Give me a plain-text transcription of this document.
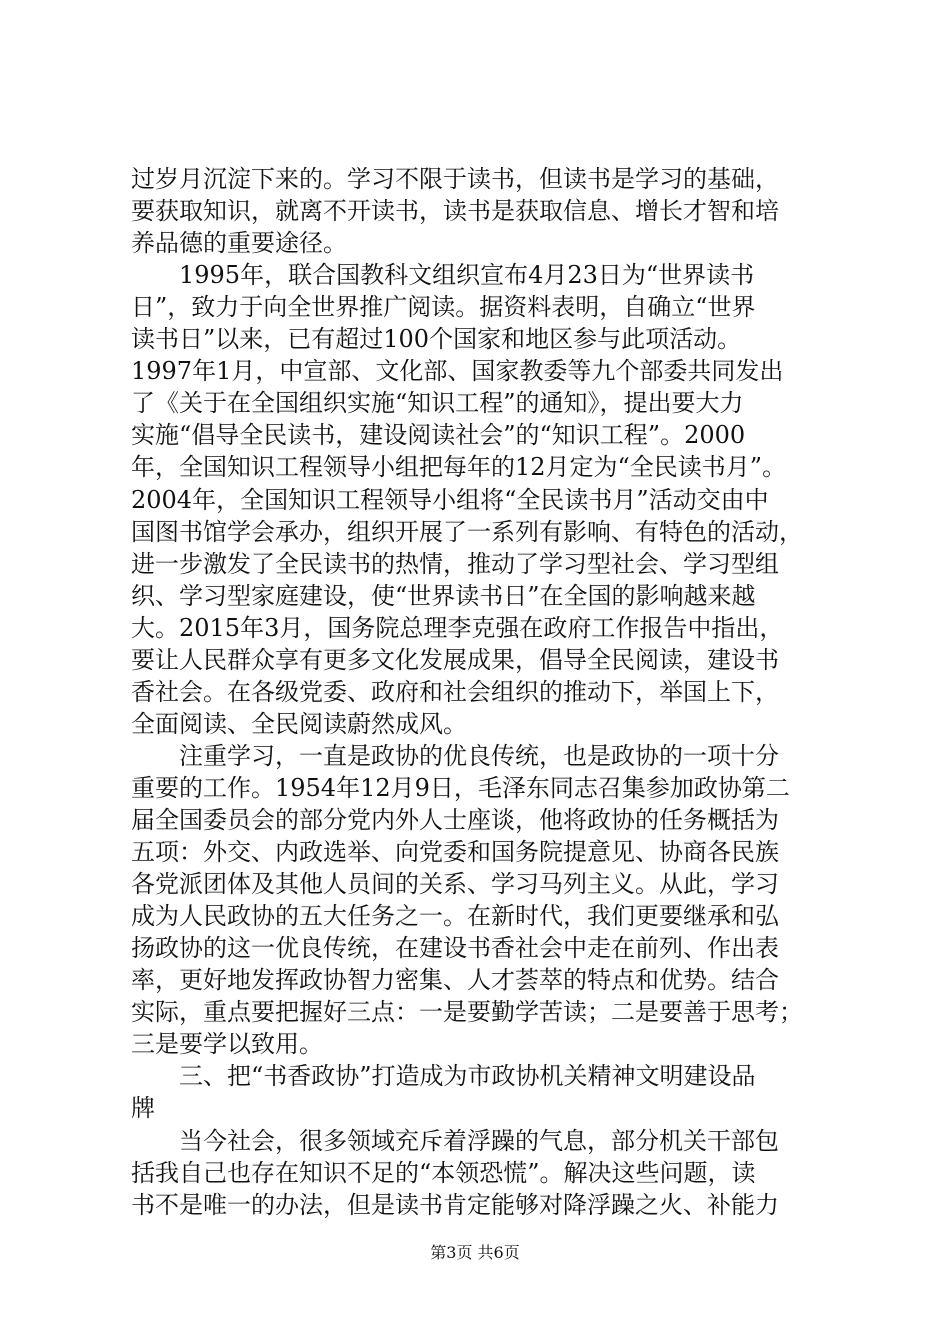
过岁月沉淀下来的。学习不限于读书，但读书是学习的基础，
要获取知识，就离不开读书，读书是获取信息、增长才智和培
养品德的重要途径。
　　1995年，联合国教科文组织宣布4月23日为“世界读书
日”，致力于向全世界推广阅读。据资料表明，自确立“世界
读书日”以来，已有超过100个国家和地区参与此项活动。
1997年1月，中宣部、文化部、国家教委等九个部委共同发出
了《关于在全国组织实施“知识工程”的通知》，提出要大力
实施“倡导全民读书，建设阅读社会”的“知识工程”。2000
年，全国知识工程领导小组把每年的12月定为“全民读书月”。
2004年，全国知识工程领导小组将“全民读书月”活动交由中
国图书馆学会承办，组织开展了一系列有影响、有特色的活动，
进一步激发了全民读书的热情，推动了学习型社会、学习型组
织、学习型家庭建设，使“世界读书日”在全国的影响越来越
大。2015年3月，国务院总理李克强在政府工作报告中指出，
要让人民群众享有更多文化发展成果，倡导全民阅读，建设书
香社会。在各级党委、政府和社会组织的推动下，举国上下，
全面阅读、全民阅读蔚然成风。
　　注重学习，一直是政协的优良传统，也是政协的一项十分
重要的工作。1954年12月9日，毛泽东同志召集参加政协第二
届全国委员会的部分党内外人士座谈，他将政协的任务概括为
五项：外交、内政选举、向党委和国务院提意见、协商各民族
各党派团体及其他人员间的关系、学习马列主义。从此，学习
成为人民政协的五大任务之一。在新时代，我们更要继承和弘
扬政协的这一优良传统，在建设书香社会中走在前列、作出表
率，更好地发挥政协智力密集、人才荟萃的特点和优势。结合
实际，重点要把握好三点：一是要勤学苦读；二是要善于思考；
三是要学以致用。
　　三、把“书香政协”打造成为市政协机关精神文明建设品
牌
　　当今社会，很多领域充斥着浮躁的气息，部分机关干部包
括我自己也存在知识不足的“本领恐慌”。解决这些问题，读
书不是唯一的办法，但是读书肯定能够对降浮躁之火、补能力
第3页 共6页
